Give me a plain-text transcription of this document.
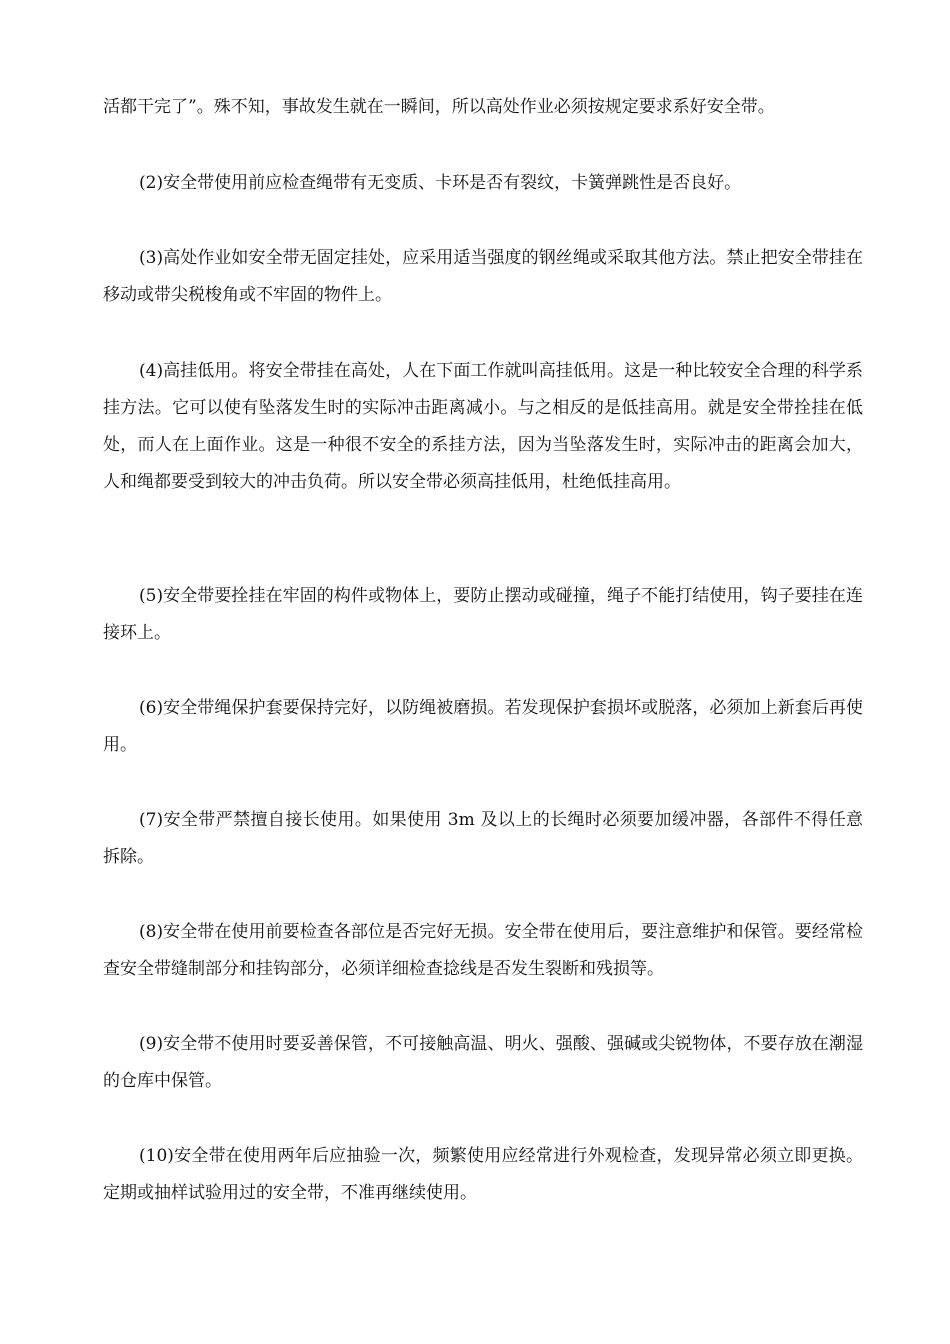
活都干完了”。殊不知，事故发生就在一瞬间，所以高处作业必须按规定要求系好安全带。

(2)安全带使用前应检查绳带有无变质、卡环是否有裂纹，卡簧弹跳性是否良好。

(3)高处作业如安全带无固定挂处，应采用适当强度的钢丝绳或采取其他方法。禁止把安全带挂在移动或带尖税梭角或不牢固的物件上。

(4)高挂低用。将安全带挂在高处，人在下面工作就叫高挂低用。这是一种比较安全合理的科学系挂方法。它可以使有坠落发生时的实际冲击距离减小。与之相反的是低挂高用。就是安全带拴挂在低处，而人在上面作业。这是一种很不安全的系挂方法，因为当坠落发生时，实际冲击的距离会加大，人和绳都要受到较大的冲击负荷。所以安全带必须高挂低用，杜绝低挂高用。

(5)安全带要拴挂在牢固的构件或物体上，要防止摆动或碰撞，绳子不能打结使用，钩子要挂在连接环上。

(6)安全带绳保护套要保持完好，以防绳被磨损。若发现保护套损坏或脱落，必须加上新套后再使用。

(7)安全带严禁擅自接长使用。如果使用 3m 及以上的长绳时必须要加缓冲器，各部件不得任意拆除。

(8)安全带在使用前要检查各部位是否完好无损。安全带在使用后，要注意维护和保管。要经常检查安全带缝制部分和挂钩部分，必须详细检查捻线是否发生裂断和残损等。

(9)安全带不使用时要妥善保管，不可接触高温、明火、强酸、强碱或尖锐物体，不要存放在潮湿的仓库中保管。

(10)安全带在使用两年后应抽验一次，频繁使用应经常进行外观检查，发现异常必须立即更换。定期或抽样试验用过的安全带，不准再继续使用。
